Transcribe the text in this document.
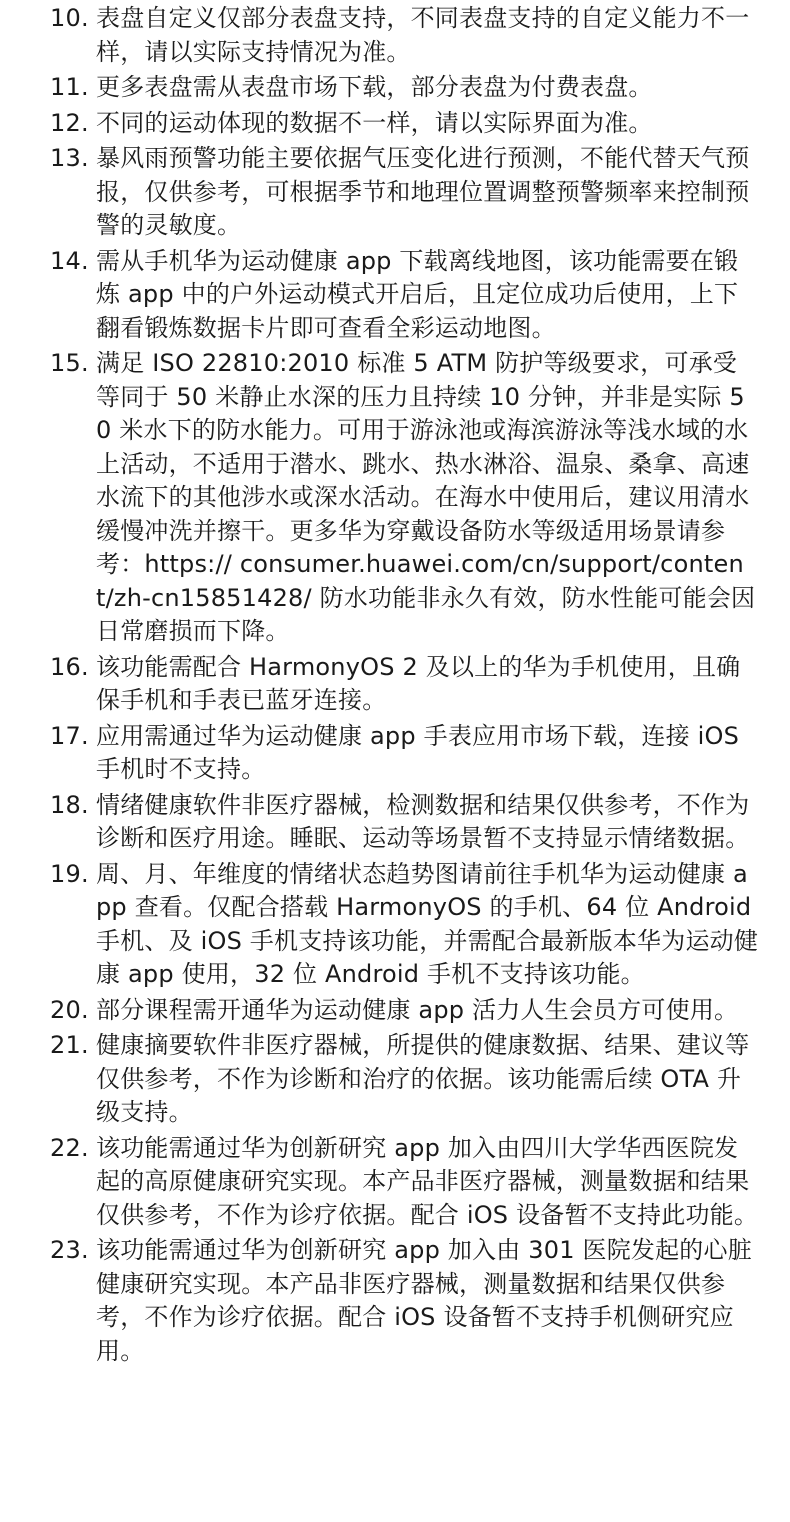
10. 表盘自定义仅部分表盘支持，不同表盘支持的自定义能力不一样，请以实际支持情况为准。
11. 更多表盘需从表盘市场下载，部分表盘为付费表盘。
12. 不同的运动体现的数据不一样，请以实际界面为准。
13. 暴风雨预警功能主要依据气压变化进行预测，不能代替天气预报，仅供参考，可根据季节和地理位置调整预警频率来控制预警的灵敏度。
14. 需从手机华为运动健康 app 下载离线地图，该功能需要在锻炼 app 中的户外运动模式开启后，且定位成功后使用，上下翻看锻炼数据卡片即可查看全彩运动地图。
15. 满足 ISO 22810:2010 标准 5 ATM 防护等级要求，可承受等同于 50 米静止水深的压力且持续 10 分钟，并非是实际 50 米水下的防水能力。可用于游泳池或海滨游泳等浅水域的水上活动，不适用于潜水、跳水、热水淋浴、温泉、桑拿、高速水流下的其他涉水或深水活动。在海水中使用后，建议用清水缓慢冲洗并擦干。更多华为穿戴设备防水等级适用场景请参考：https:// consumer.huawei.com/cn/support/content/zh-cn15851428/ 防水功能非永久有效，防水性能可能会因日常磨损而下降。
16. 该功能需配合 HarmonyOS 2 及以上的华为手机使用，且确保手机和手表已蓝牙连接。
17. 应用需通过华为运动健康 app 手表应用市场下载，连接 iOS 手机时不支持。
18. 情绪健康软件非医疗器械，检测数据和结果仅供参考，不作为诊断和医疗用途。睡眠、运动等场景暂不支持显示情绪数据。
19. 周、月、年维度的情绪状态趋势图请前往手机华为运动健康 app 查看。仅配合搭载 HarmonyOS 的手机、64 位 Android 手机、及 iOS 手机支持该功能，并需配合最新版本华为运动健康 app 使用，32 位 Android 手机不支持该功能。
20. 部分课程需开通华为运动健康 app 活力人生会员方可使用。
21. 健康摘要软件非医疗器械，所提供的健康数据、结果、建议等仅供参考，不作为诊断和治疗的依据。该功能需后续 OTA 升级支持。
22. 该功能需通过华为创新研究 app 加入由四川大学华西医院发起的高原健康研究实现。本产品非医疗器械，测量数据和结果仅供参考，不作为诊疗依据。配合 iOS 设备暂不支持此功能。
23. 该功能需通过华为创新研究 app 加入由 301 医院发起的心脏健康研究实现。本产品非医疗器械，测量数据和结果仅供参考，不作为诊疗依据。配合 iOS 设备暂不支持手机侧研究应用。
